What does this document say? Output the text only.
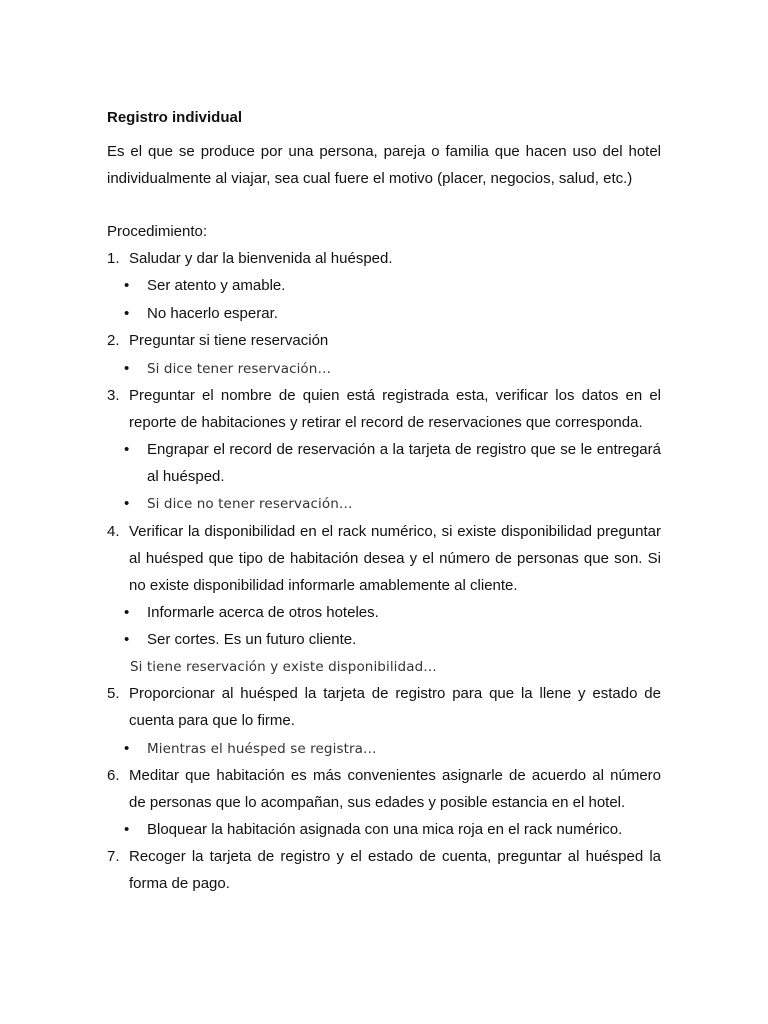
Registro individual
Es el que se produce por una persona, pareja o familia que hacen uso del hotel
individualmente al viajar, sea cual fuere el motivo (placer, negocios, salud, etc.)
Procedimiento:
1. Saludar y dar la bienvenida al huésped.
• Ser atento y amable.
• No hacerlo esperar.
2. Preguntar si tiene reservación
• Si dice tener reservación…
3. Preguntar el nombre de quien está registrada esta, verificar los datos en el
reporte de habitaciones y retirar el record de reservaciones que corresponda.
• Engrapar el record de reservación a la tarjeta de registro que se le entregará
al huésped.
• Si dice no tener reservación…
4. Verificar la disponibilidad en el rack numérico, si existe disponibilidad preguntar
al huésped que tipo de habitación desea y el número de personas que son. Si
no existe disponibilidad informarle amablemente al cliente.
• Informarle acerca de otros hoteles.
• Ser cortes. Es un futuro cliente.
Si tiene reservación y existe disponibilidad…
5. Proporcionar al huésped la tarjeta de registro para que la llene y estado de
cuenta para que lo firme.
• Mientras el huésped se registra…
6. Meditar que habitación es más convenientes asignarle de acuerdo al número
de personas que lo acompañan, sus edades y posible estancia en el hotel.
• Bloquear la habitación asignada con una mica roja en el rack numérico.
7. Recoger la tarjeta de registro y el estado de cuenta, preguntar al huésped la
forma de pago.
